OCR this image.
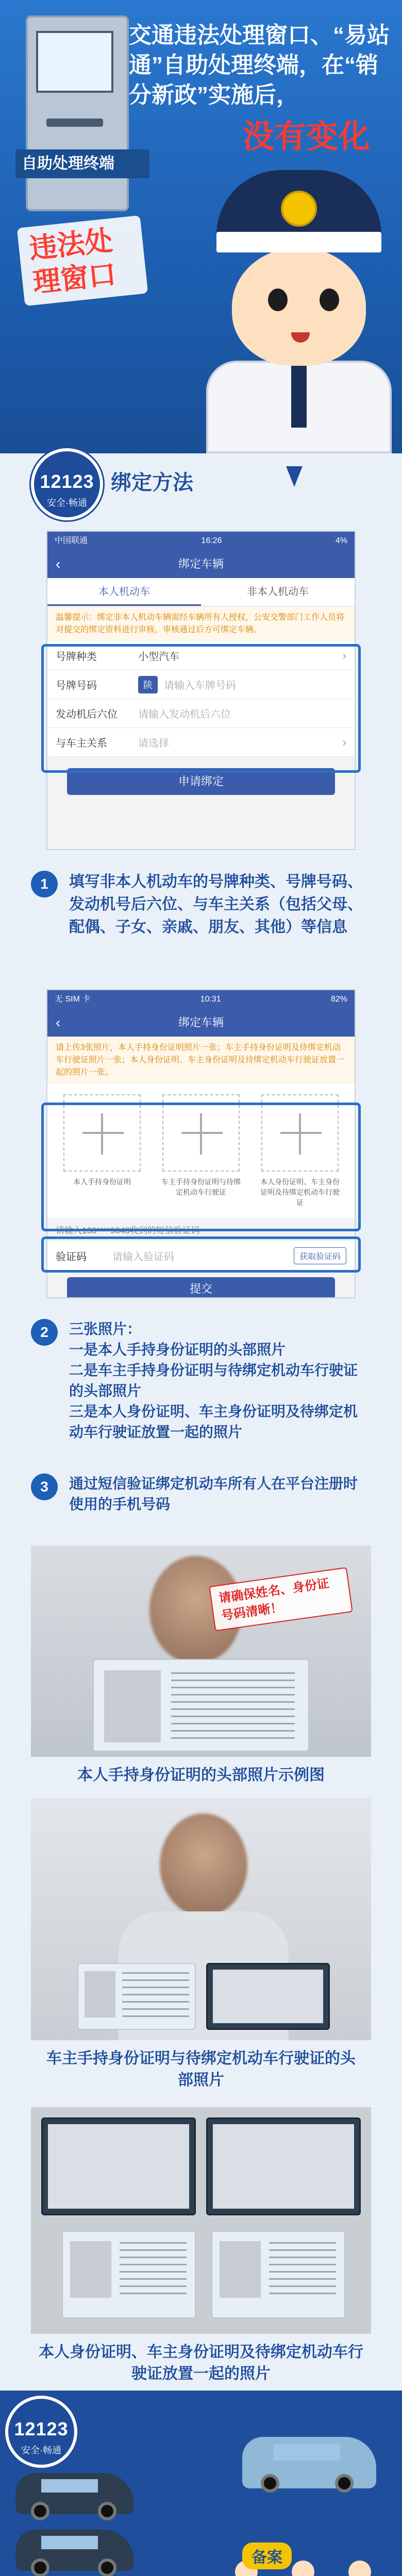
自助处理终端
交通违法处理窗口、“易站通”自助处理终端，在“销分新政”实施后，
没有变化
违法处理窗口
12123
安全·畅通
绑定方法
中国联通	16:26	4%
‹	绑定车辆
本人机动车	非本人机动车
温馨提示：绑定非本人机动车辆需经车辆所有人授权，公安交警部门工作人员将对提交的绑定资料进行审核，审核通过后方可绑定车辆。
号牌种类	小型汽车	›
号牌号码	陕	请输入车牌号码
发动机后六位	请输入发动机后六位
与车主关系	请选择	›
申请绑定
1	填写非本人机动车的号牌种类、号牌号码、发动机号后六位、与车主关系（包括父母、配偶、子女、亲戚、朋友、其他）等信息
无 SIM 卡	10:31	82%
‹	绑定车辆
请上传3张照片，本人手持身份证明照片一张；车主手持身份证明及待绑定机动车行驶证照片一张；本人身份证明、车主身份证明及待绑定机动车行驶证放置一起的照片一张。
本人手持身份证明	车主手持身份证明与待绑定机动车行驶证
本人身份证明、车主身份证明及待绑定机动车行驶证
请输入138****9648收到的短信验证码
验证码	请输入验证码	获取验证码
提交
2	三张照片：
一是本人手持身份证明的头部照片
二是车主手持身份证明与待绑定机动车行驶证的头部照片
三是本人身份证明、车主身份证明及待绑定机动车行驶证放置一起的照片
3	通过短信验证绑定机动车所有人在平台注册时使用的手机号码
请确保姓名、身份证号码清晰！
本人手持身份证明的头部照片示例图
车主手持身份证明与待绑定机动车行驶证的头部照片
本人身份证明、车主身份证明及待绑定机动车行驶证放置一起的照片
12123
安全·畅通
备案
